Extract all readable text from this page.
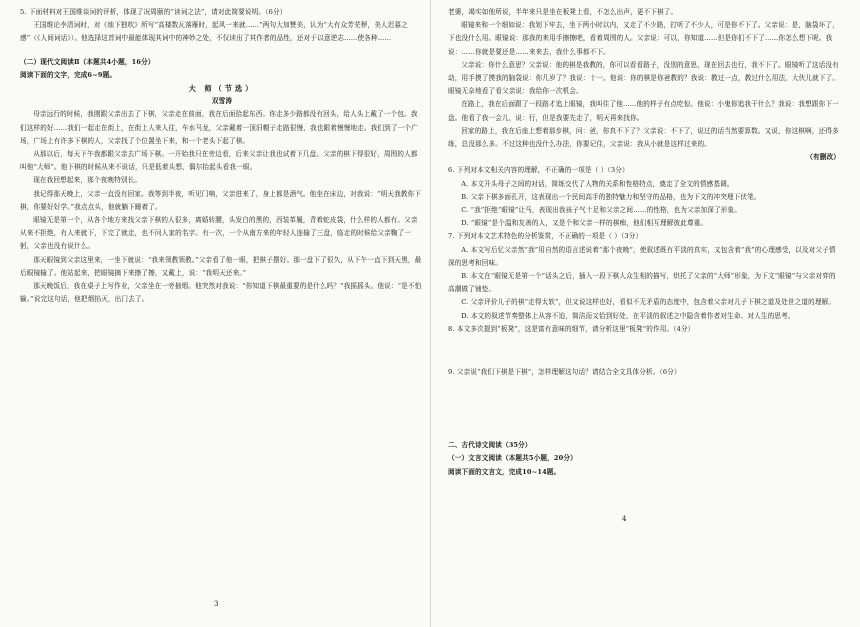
5. 下面材料对王国维谈词的评析，体现了况周颐的“读词之法”，请对此简要说明。（6分）

王国维论李清词时，对《烛下独吹》所写“高楼数瓦落雁时，起风一来就……”两句大加赞美，认为“大有众芳芜秽，美人迟暮之感”（《人间词话》）。他选择这首词中最能体现其词中的神妙之处，不仅读出了其作者的品性，还对于以意逆志……使各种……

（二）现代文阅读Ⅱ（本题共4小题，16分）

阅读下面的文字，完成6~9题。

大 师（节选）

双雪涛

母亲远行的时候，我刚跟父亲出去了下棋，父亲走在前面，我在后面拾起东西。你走多少路都没有回头，给人头上戴了一个包。我们这样的好……我们一起走在街上，在街上人来人往，车水马龙，父亲戴着一顶旧帽子走路很慢，我也跟着慢慢地走。我们到了一个广场，广场上有许多下棋的人，父亲找了个位置坐下来，和一个老头下起了棋。

从那以后，每天下午我都跟父亲去广场下棋。一开始我只在旁边看，后来父亲让我也试着下几盘。父亲的棋下得很好，周围的人都叫他“大师”。他下棋的时候从来不说话，只是低着头想，偶尔抬起头看我一眼。

现在我回想起来，那个夜晚特别长。

我记得那天晚上，父亲一直没有回家。我等到半夜，听见门响，父亲进来了，身上都是酒气。他坐在床边，对我说：“明天我教你下棋，你要好好学。”我点点头，他就躺下睡着了。

眼镜无是第一个，从各个地方来找父亲下棋的人很多，离婚转腰，头发白的黑的，西装革履，背着蛇皮袋，什么样的人都有。父亲从来不拒绝，有人来就下，下完了就走，也不问人家的名字。有一次，一个从南方来的年轻人连输了三盘，临走的时候给父亲鞠了一躬，父亲也没有说什么。

那天眼镜到父亲这里来，一坐下就说：“我来领教领教。”父亲看了他一眼，把棋子摆好。那一盘下了很久，从下午一直下到天黑，最后眼镜输了。他站起来，把眼镜摘下来擦了擦，又戴上，说：“我明天还来。”

那天晚饭后，我在桌子上写作业，父亲坐在一旁抽烟。他突然对我说：“你知道下棋最重要的是什么吗？”我摇摇头。他说：“是不怕输。”说完这句话，他把烟掐灭，出门去了。

3

老婆，竭实如他所说，半年来只是坐在板凳上看，不怎么出声，更不下棋了。

眼镜来和一个细如说：我划下牢去，坐下两小时以内，又走了不少路，打听了不少人，可是你不下了。父亲说：是，脑袋坏了，下也没什么用。眼镜说：那我的来用手擦擦吧，看着周围的人。父亲说：可以，你知道……但是你们不下了……你怎么想下呢。我说：……你就是要还是……来来去，我什么事都不下。

父亲说：你什么意思？父亲说：他的棋是我教的，你可以看看路子，没别的意思，现在回去也行，我不下了。眼镜听了这话没有动，用手摸了摸我的脑袋说：你几岁了？我说：十一。他说：你的棋是你爸教的？我说：教过一点，教过什么用法，大伙儿就下了。眼镜无奈地看了看父亲说：我给你一次机会。

在路上，我在后面跟了一段路才追上眼镜，我叫住了他……他的样子有点吃惊。他说：小鬼你追我干什么？我说：我想跟你下一盘。他看了我一会儿，说：行，但是我要先走了，明天再来找你。

回家的路上，我在后座上想着那步棋，问：爸，你真不下了？父亲说：不下了，说过的话当然要算数。又说，你这棋啊，还得多练，总没那么多。不过这种也没什么办法，你要记住，父亲说：我从小就是这样过来的。

（有删改）

6. 下列对本文相关内容的理解，不正确的一项是（ ）（3分）

A. 本文开头母子之间的对话，简练交代了人物的关系和性格特点，奠定了全文的情感基调。

B. 父亲下棋多面孔开，这表现出一个民间高手的独特魅力和坚守的品格，也为下文的冲突埋下伏笔。

C. “我”拒绝“眼镜”让马，表现出我孩子气十足和父亲之间……的性格，也为父亲加深了形象。

D. “眼镜”是个温和友善的人，又是个和父亲一样的棋痴，他们相互理解彼此尊重。

7. 下列对本文艺术特色的分析鉴赏，不正确的一项是（ ）（3分）

A. 本文写后忆父亲然“我”用自然的语言述说着“那个夜晚”，使叙述既有平淡的真实，又包含着“我”的心理感受，以及对父子情深的思考和回味。

B. 本文在“眼镜无是第一个”话头之后，插入一段下棋人众生相的描写，烘托了父亲的“大师”形象，为下文“眼镜”与父亲对弈的高潮做了铺垫。

C. 父亲评价儿子的棋“走得太软”，但又说这样也好，看似不无矛盾的态度中，包含着父亲对儿子下棋之道及处世之道的理解。

D. 本文的叙述节奏整体上从容不迫，简洁而又恰到好处，在平淡的叙述之中隐含着作者对生命、对人生的思考。

8. 本文多次提到“板凳”，这是富有意味的细节，请分析这里“板凳”的作用。（4分）

9. 父亲说“我们下棋是下棋”，怎样理解这句话？请结合全文具体分析。（6分）

二、古代诗文阅读（35分）

（一）文言文阅读（本题共5小题，20分）

阅读下面的文言文，完成10~14题。

4
